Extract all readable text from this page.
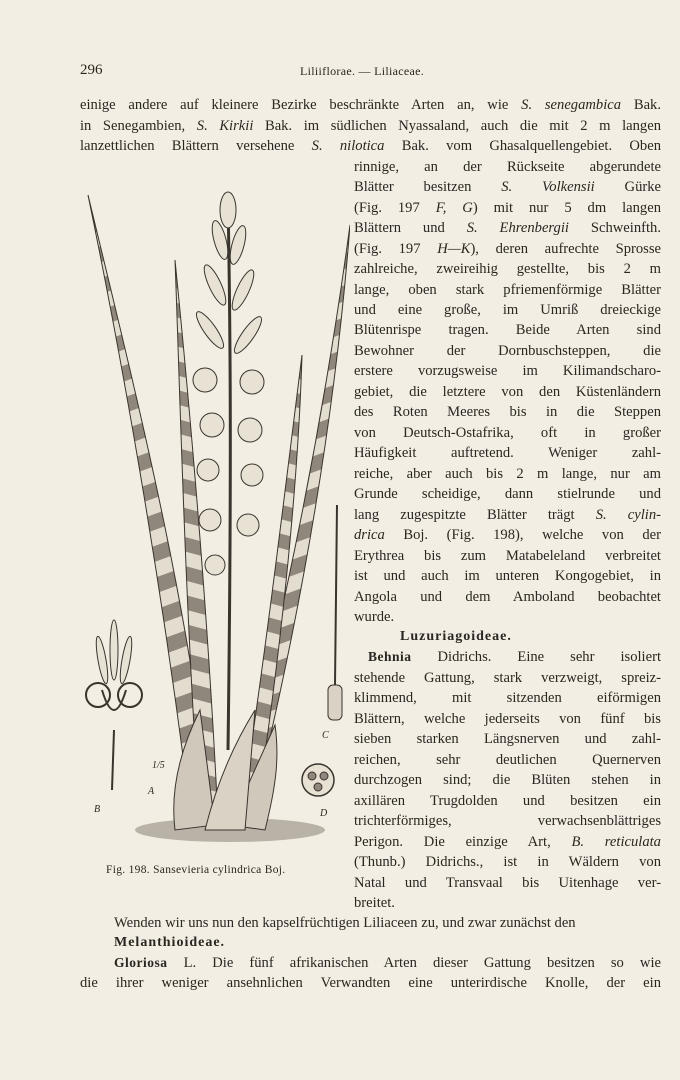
296	Liliiflorae. — Liliaceae.
einige andere auf kleinere Bezirke beschränkte Arten an, wie S. senegambica Bak.
in Senegambien, S. Kirkii Bak. im südlichen Nyassaland, auch die mit 2 m langen
lanzettlichen Blättern versehene S. nilotica Bak. vom Ghasalquellengebiet. Oben
rinnige, an der Rückseite abgerundete
Blätter besitzen S. Volkensii Gürke
(Fig. 197 F, G) mit nur 5 dm langen
Blättern und S. Ehrenbergii Schweinfth.
(Fig. 197 H—K), deren aufrechte Sprosse
zahlreiche, zweireihig gestellte, bis 2 m
lange, oben stark pfriemenförmige Blätter
und eine große, im Umriß dreieckige
Blütenrispe tragen. Beide Arten sind
Bewohner der Dornbuschsteppen, die
erstere vorzugsweise im Kilimandscharo-
gebiet, die letztere von den Küstenländern
des Roten Meeres bis in die Steppen
von Deutsch-Ostafrika, oft in großer
Häufigkeit auftretend. Weniger zahl-
reiche, aber auch bis 2 m lange, nur am
Grunde scheidige, dann stielrunde und
lang zugespitzte Blätter trägt S. cylin-
drica Boj. (Fig. 198), welche von der
Erythrea bis zum Matabeleland verbreitet
ist und auch im unteren Kongogebiet, in
Angola und dem Amboland beobachtet
wurde.
Luzuriagoideae.
Behnia Didrichs. Eine sehr isoliert
stehende Gattung, stark verzweigt, spreiz-
klimmend, mit sitzenden eiförmigen
Blättern, welche jederseits von fünf bis
sieben starken Längsnerven und zahl-
reichen, sehr deutlichen Quernerven
durchzogen sind; die Blüten stehen in
axillären Trugdolden und besitzen ein
trichterförmiges, verwachsenblättriges
Perigon. Die einzige Art, B. reticulata
(Thunb.) Didrichs., ist in Wäldern von
Natal und Transvaal bis Uitenhage ver-
breitet.
Wenden wir uns nun den kapselfrüchtigen Liliaceen zu, und zwar zunächst den
Melanthioideae.
Gloriosa L. Die fünf afrikanischen Arten dieser Gattung besitzen so wie
die ihrer weniger ansehnlichen Verwandten eine unterirdische Knolle, der ein
A
B
C
D
1/5
Fig. 198. Sansevieria cylindrica Boj.
